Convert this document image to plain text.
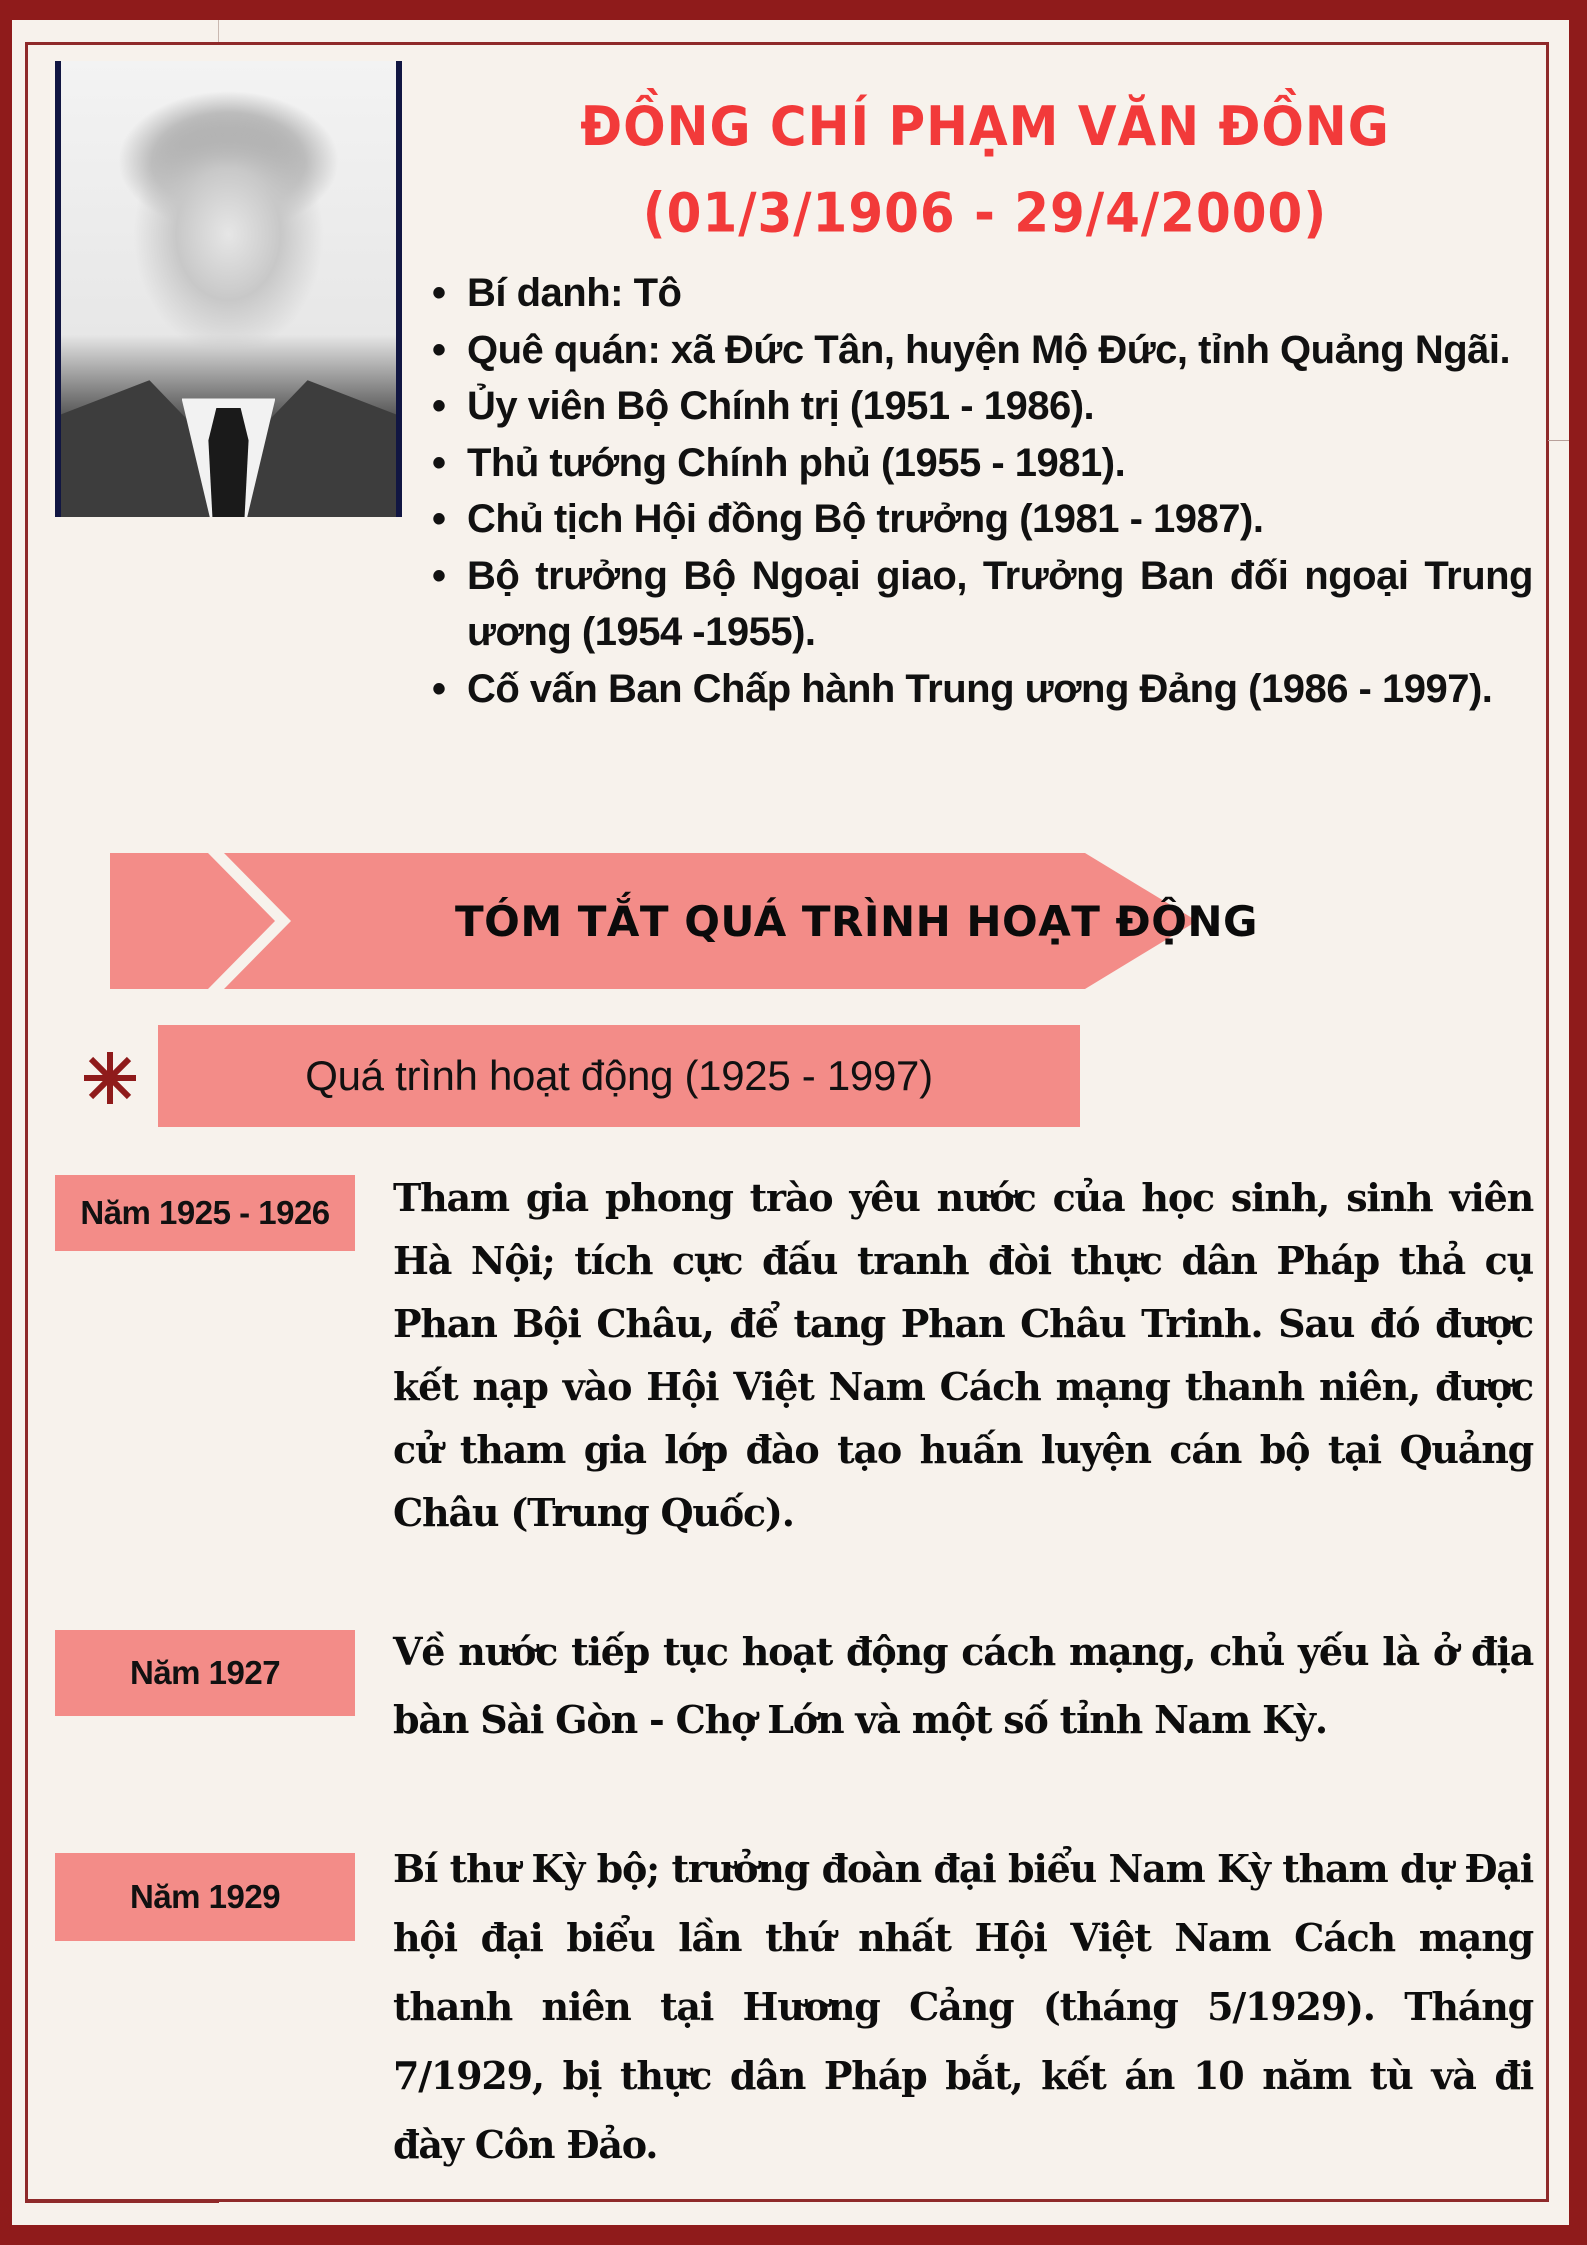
ĐỒNG CHÍ PHẠM VĂN ĐỒNG
(01/3/1906 - 29/4/2000)
• Bí danh: Tô
• Quê quán: xã Đức Tân, huyện Mộ Đức, tỉnh Quảng Ngãi.
• Ủy viên Bộ Chính trị (1951 - 1986).
• Thủ tướng Chính phủ (1955 - 1981).
• Chủ tịch Hội đồng Bộ trưởng (1981 - 1987).
• Bộ trưởng Bộ Ngoại giao, Trưởng Ban đối ngoại Trung ương (1954 -1955).
• Cố vấn Ban Chấp hành Trung ương Đảng (1986 - 1997).
TÓM TẮT QUÁ TRÌNH HOẠT ĐỘNG
Quá trình hoạt động (1925 - 1997)
Năm 1925 - 1926	Tham gia phong trào yêu nước của học sinh, sinh viên Hà Nội; tích cực đấu tranh đòi thực dân Pháp thả cụ Phan Bội Châu, để tang Phan Châu Trinh. Sau đó được kết nạp vào Hội Việt Nam Cách mạng thanh niên, được cử tham gia lớp đào tạo huấn luyện cán bộ tại Quảng Châu (Trung Quốc).
Năm 1927	Về nước tiếp tục hoạt động cách mạng, chủ yếu là ở địa bàn Sài Gòn - Chợ Lớn và một số tỉnh Nam Kỳ.
Năm 1929
Bí thư Kỳ bộ; trưởng đoàn đại biểu Nam Kỳ tham dự Đại hội đại biểu lần thứ nhất Hội Việt Nam Cách mạng thanh niên tại Hương Cảng (tháng 5/1929). Tháng 7/1929, bị thực dân Pháp bắt, kết án 10 năm tù và đi đày Côn Đảo.
